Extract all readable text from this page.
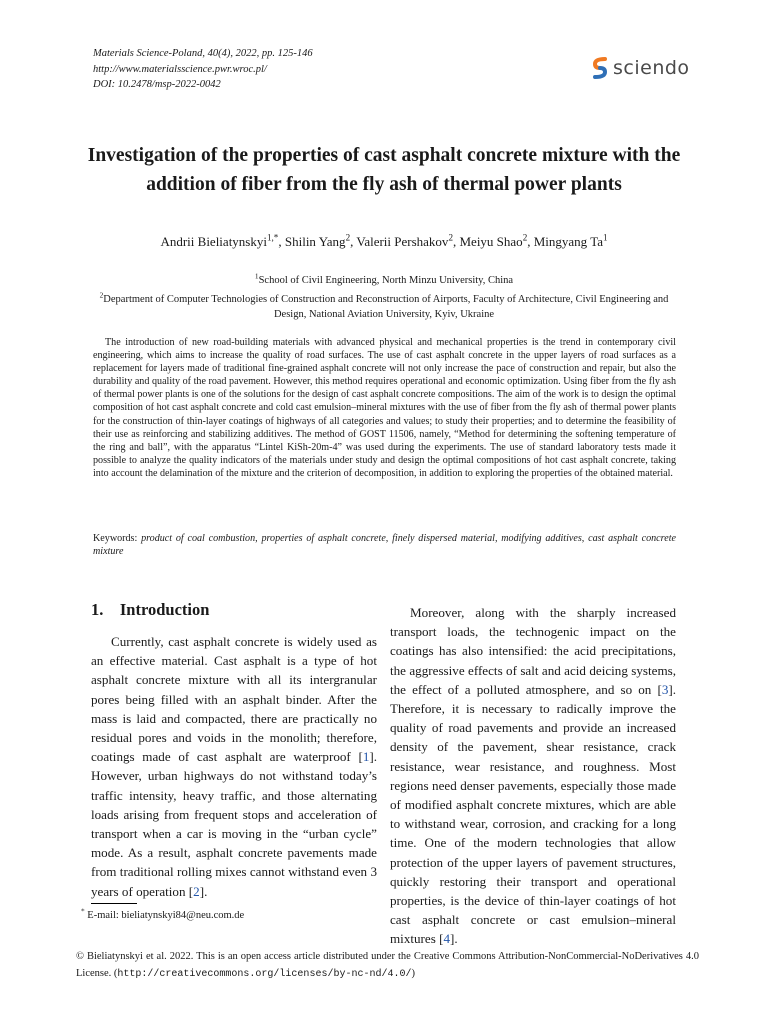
Materials Science-Poland, 40(4), 2022, pp. 125-146
http://www.materialsscience.pwr.wroc.pl/
DOI: 10.2478/msp-2022-0042
sciendo
Investigation of the properties of cast asphalt concrete mixture with the addition of fiber from the fly ash of thermal power plants
Andrii Bieliatynskyi$^{1,*}$, Shilin Yang$^2$, Valerii Pershakov$^2$, Meiyu Shao$^2$, Mingyang Ta$^1$
$^1$School of Civil Engineering, North Minzu University, China
$^2$Department of Computer Technologies of Construction and Reconstruction of Airports, Faculty of Architecture, Civil Engineering and Design, National Aviation University, Kyiv, Ukraine

The introduction of new road-building materials with advanced physical and mechanical properties is the trend in contemporary civil engineering, which aims to increase the quality of road surfaces. The use of cast asphalt concrete in the upper layers of road surfaces as a replacement for layers made of traditional fine-grained asphalt concrete will not only increase the pace of construction and repair, but also the durability and quality of the road pavement. However, this method requires operational and economic optimization. Using fiber from the fly ash of thermal power plants is one of the solutions for the design of cast asphalt concrete compositions. The aim of the work is to design the optimal composition of hot cast asphalt concrete and cold cast emulsion–mineral mixtures with the use of fiber from the fly ash of thermal power plants for the construction of thin-layer coatings of highways of all categories and values; to study their properties; and to determine the feasibility of their use as reinforcing and stabilizing additives. The method of GOST 11506, namely, “Method for determining the softening temperature of the ring and ball”, with the apparatus “Lintel KiSh-20m-4” was used during the experiments. The use of standard laboratory tests made it possible to analyze the quality indicators of the materials under study and design the optimal compositions of hot cast asphalt concrete, taking into account the delamination of the mixture and the criterion of decomposition, in addition to exploring the properties of the obtained material.

Keywords: product of coal combustion, properties of asphalt concrete, finely dispersed material, modifying additives, cast asphalt concrete mixture

1. Introduction

Currently, cast asphalt concrete is widely used as an effective material. Cast asphalt is a type of hot asphalt concrete mixture with all its intergranular pores being filled with an asphalt binder. After the mass is laid and compacted, there are practically no residual pores and voids in the monolith; therefore, coatings made of cast asphalt are waterproof [1]. However, urban highways do not withstand today’s traffic intensity, heavy traffic, and those alternating loads arising from frequent stops and acceleration of transport when a car is moving in the “urban cycle” mode. As a result, asphalt concrete pavements made from traditional rolling mixes cannot withstand even 3 years of operation [2].

Moreover, along with the sharply increased transport loads, the technogenic impact on the coatings has also intensified: the acid precipitations, the aggressive effects of salt and acid deicing systems, the effect of a polluted atmosphere, and so on [3]. Therefore, it is necessary to radically improve the quality of road pavements and provide an increased density of the pavement, shear resistance, crack resistance, wear resistance, and roughness. Most regions need denser pavements, especially those made of modified asphalt concrete mixtures, which are able to withstand wear, corrosion, and cracking for a long time. One of the modern technologies that allow protection of the upper layers of pavement structures, quickly restoring their transport and operational properties, is the device of thin-layer coatings of hot cast asphalt concrete or cast emulsion–mineral mixtures [4].

* E-mail: bieliatynskyi84@neu.com.de

© Bieliatynskyi et al. 2022. This is an open access article distributed under the Creative Commons Attribution-NonCommercial-NoDerivatives 4.0 License. (http://creativecommons.org/licenses/by-nc-nd/4.0/)
